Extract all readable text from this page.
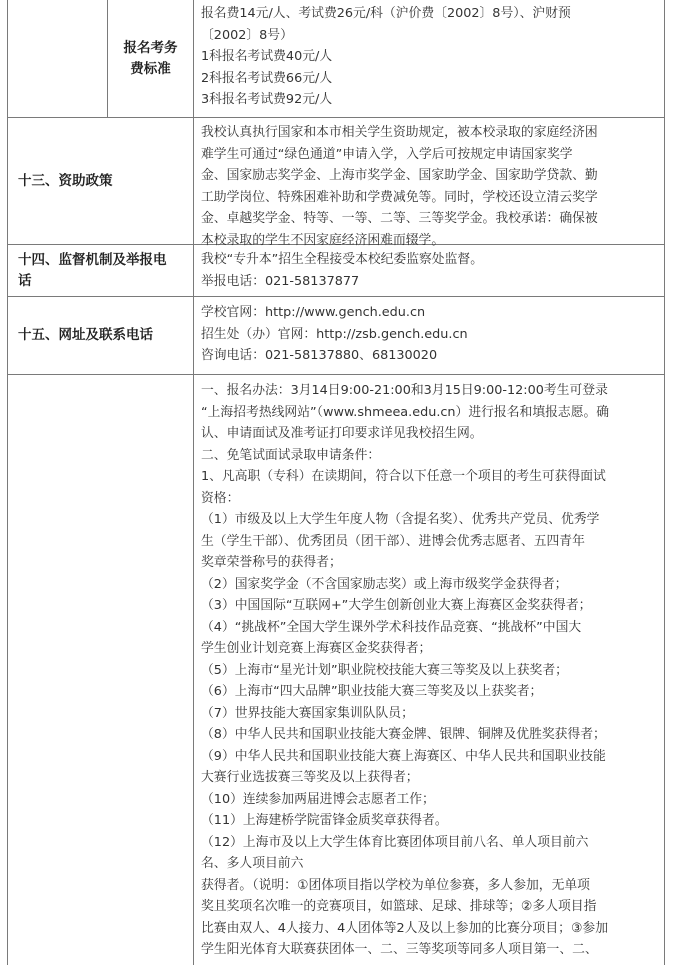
报名考务
费标准
报名费14元/人、考试费26元/科（沪价费〔2002〕8号）、沪财预
〔2002〕8号）
1科报名考试费40元/人
2科报名考试费66元/人
3科报名考试费92元/人
十三、资助政策
我校认真执行国家和本市相关学生资助规定，被本校录取的家庭经济困
难学生可通过“绿色通道”申请入学，入学后可按规定申请国家奖学
金、国家励志奖学金、上海市奖学金、国家助学金、国家助学贷款、勤
工助学岗位、特殊困难补助和学费减免等。同时，学校还设立清云奖学
金、卓越奖学金、特等、一等、二等、三等奖学金。我校承诺：确保被
本校录取的学生不因家庭经济困难而辍学。
十四、监督机制及举报电
话
我校“专升本”招生全程接受本校纪委监察处监督。
举报电话：021-58137877
十五、网址及联系电话
学校官网：http://www.gench.edu.cn
招生处（办）官网：http://zsb.gench.edu.cn
咨询电话：021-58137880、68130020
一、报名办法：3月14日9:00-21:00和3月15日9:00-12:00考生可登录
“上海招考热线网站”（www.shmeea.edu.cn）进行报名和填报志愿。确
认、申请面试及准考证打印要求详见我校招生网。
二、免笔试面试录取申请条件：
1、凡高职（专科）在读期间，符合以下任意一个项目的考生可获得面试
资格：
（1）市级及以上大学生年度人物（含提名奖）、优秀共产党员、优秀学
生（学生干部）、优秀团员（团干部）、进博会优秀志愿者、五四青年
奖章荣誉称号的获得者；
（2）国家奖学金（不含国家励志奖）或上海市级奖学金获得者；
（3）中国国际“互联网+”大学生创新创业大赛上海赛区金奖获得者；
（4）“挑战杯”全国大学生课外学术科技作品竞赛、“挑战杯”中国大
学生创业计划竞赛上海赛区金奖获得者；
（5）上海市“星光计划”职业院校技能大赛三等奖及以上获奖者；
（6）上海市“四大品牌”职业技能大赛三等奖及以上获奖者；
（7）世界技能大赛国家集训队队员；
（8）中华人民共和国职业技能大赛金牌、银牌、铜牌及优胜奖获得者；
（9）中华人民共和国职业技能大赛上海赛区、中华人民共和国职业技能
大赛行业选拔赛三等奖及以上获得者；
（10）连续参加两届进博会志愿者工作；
（11）上海建桥学院雷锋金质奖章获得者。
（12）上海市及以上大学生体育比赛团体项目前八名、单人项目前六
名、多人项目前六
获得者。（说明：①团体项目指以学校为单位参赛，多人参加，无单项
奖且奖项名次唯一的竞赛项目，如篮球、足球、排球等；②多人项目指
比赛由双人、4人接力、4人团体等2人及以上参加的比赛分项目；③参加
学生阳光体育大联赛获团体一、二、三等奖项等同多人项目第一、二、
